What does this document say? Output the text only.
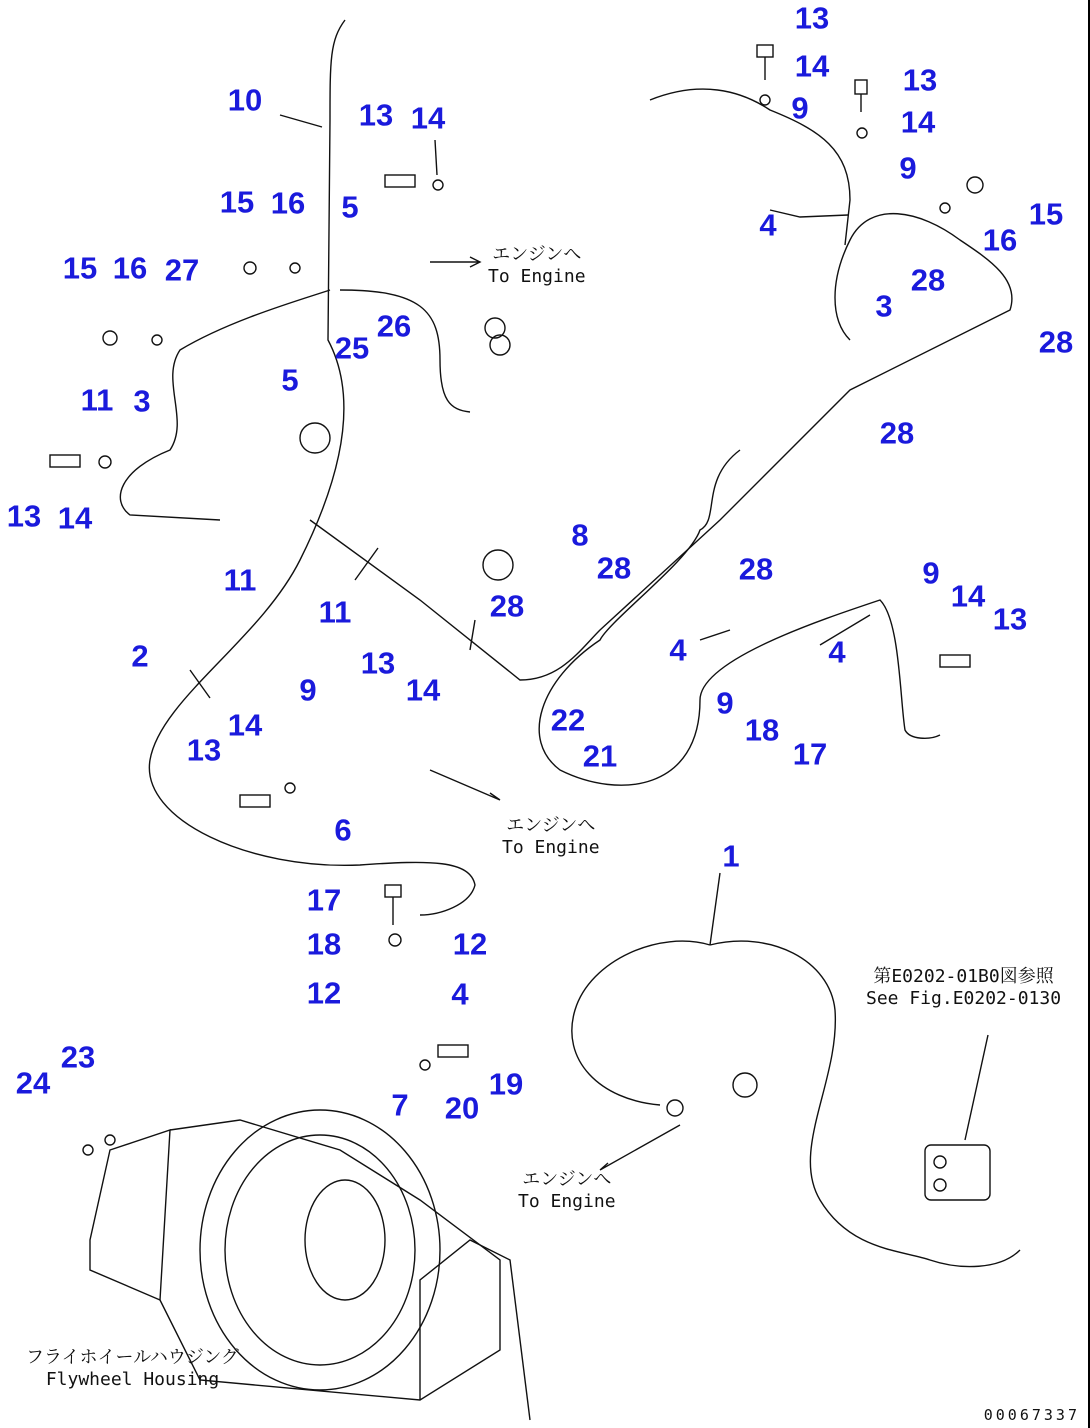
13
14
9
13
14
9
4	15
16
28
3
28
28
10	13 14
15 16 5
15 16 27
26
25
5
11 3
13 14
11
11
2
8
28	28
28
9
14
13
4	4
9
18
17
22
21
13
14
9
14
13
6
1
17
18	12
12	4
23
24
7 20
19
エンジンへ
To Engine
エンジンへ
To Engine
エンジンへ
To Engine
フライホイールハウジング
Flywheel Housing
第E0202-01B0図参照
See Fig.E0202-0130
00067337
